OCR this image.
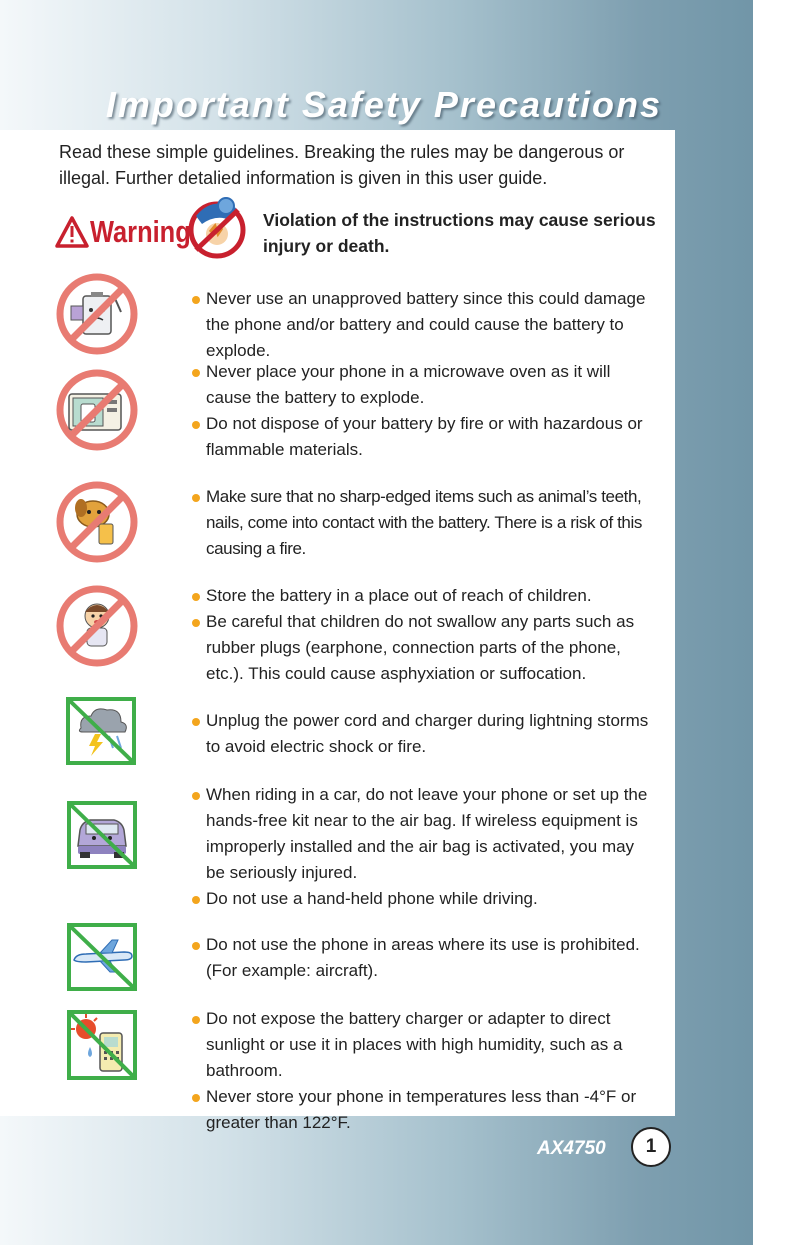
Important Safety Precautions
Read these simple guidelines. Breaking the rules may be dangerous or illegal. Further detalied information is given in this user guide.
Warning	Violation of the instructions may cause serious injury or death.
Never use an unapproved battery since this could damage the phone and/or battery and could cause the battery to explode.
Never place your phone in a microwave oven as it will cause the battery to explode.
Do not dispose of your battery by fire or with hazardous or flammable materials.
Make sure that no sharp-edged items such as animal’s teeth, nails, come into contact with the battery. There is a risk of this causing a fire.
Store the battery in a place out of reach of children.
Be careful that children do not swallow any parts such as rubber plugs (earphone, connection parts of the phone, etc.). This could cause asphyxiation or suffocation.
Unplug the power cord and charger during lightning storms to avoid electric shock or fire.
When riding in a car, do not leave your phone or set up the hands-free kit near to the air bag. If wireless equipment is improperly installed and the air bag is activated, you may be seriously injured.
Do not use a hand-held phone while driving.
Do not use the phone in areas where its use is prohibited. (For example: aircraft).
Do not expose the battery charger or adapter to direct sunlight or use it in places with high humidity, such as a bathroom.
Never store your phone in temperatures less than -4°F or greater than 122°F.
AX4750	1
